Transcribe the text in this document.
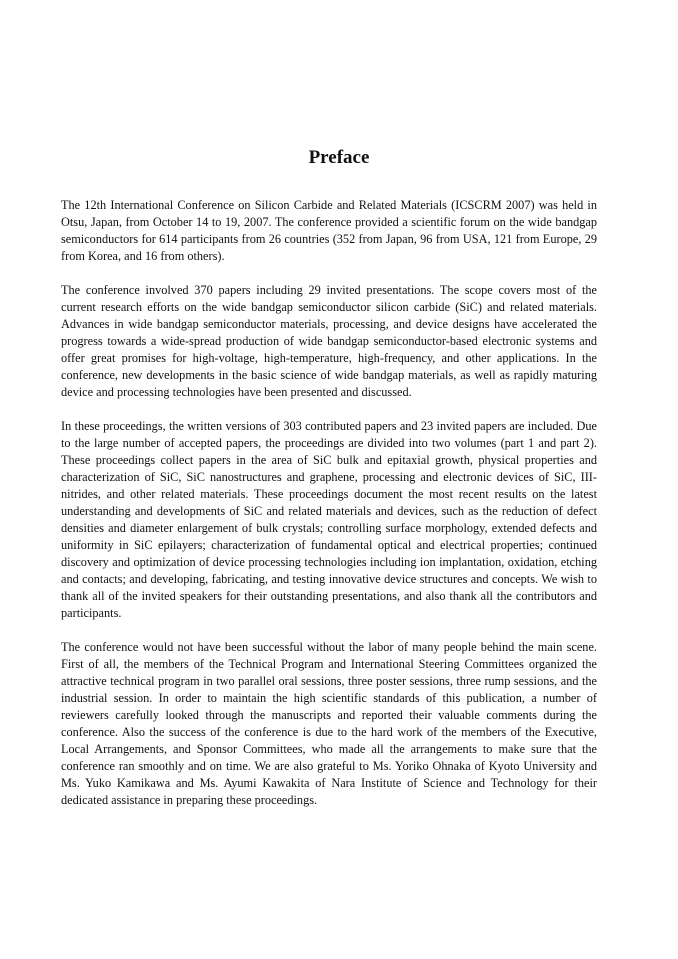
Preface

The 12th International Conference on Silicon Carbide and Related Materials (ICSCRM 2007) was held in Otsu, Japan, from October 14 to 19, 2007. The conference provided a scientific forum on the wide bandgap semiconductors for 614 participants from 26 countries (352 from Japan, 96 from USA, 121 from Europe, 29 from Korea, and 16 from others).

The conference involved 370 papers including 29 invited presentations. The scope covers most of the current research efforts on the wide bandgap semiconductor silicon carbide (SiC) and related materials. Advances in wide bandgap semiconductor materials, processing, and device designs have accelerated the progress towards a wide-spread production of wide bandgap semiconductor-based electronic systems and offer great promises for high-voltage, high-temperature, high-frequency, and other applications. In the conference, new developments in the basic science of wide bandgap materials, as well as rapidly maturing device and processing technologies have been presented and discussed.

In these proceedings, the written versions of 303 contributed papers and 23 invited papers are included. Due to the large number of accepted papers, the proceedings are divided into two volumes (part 1 and part 2). These proceedings collect papers in the area of SiC bulk and epitaxial growth, physical properties and characterization of SiC, SiC nanostructures and graphene, processing and electronic devices of SiC, III-nitrides, and other related materials. These proceedings document the most recent results on the latest understanding and developments of SiC and related materials and devices, such as the reduction of defect densities and diameter enlargement of bulk crystals; controlling surface morphology, extended defects and uniformity in SiC epilayers; characterization of fundamental optical and electrical properties; continued discovery and optimization of device processing technologies including ion implantation, oxidation, etching and contacts; and developing, fabricating, and testing innovative device structures and concepts. We wish to thank all of the invited speakers for their outstanding presentations, and also thank all the contributors and participants.

The conference would not have been successful without the labor of many people behind the main scene. First of all, the members of the Technical Program and International Steering Committees organized the attractive technical program in two parallel oral sessions, three poster sessions, three rump sessions, and the industrial session. In order to maintain the high scientific standards of this publication, a number of reviewers carefully looked through the manuscripts and reported their valuable comments during the conference. Also the success of the conference is due to the hard work of the members of the Executive, Local Arrangements, and Sponsor Committees, who made all the arrangements to make sure that the conference ran smoothly and on time. We are also grateful to Ms. Yoriko Ohnaka of Kyoto University and Ms. Yuko Kamikawa and Ms. Ayumi Kawakita of Nara Institute of Science and Technology for their dedicated assistance in preparing these proceedings.
